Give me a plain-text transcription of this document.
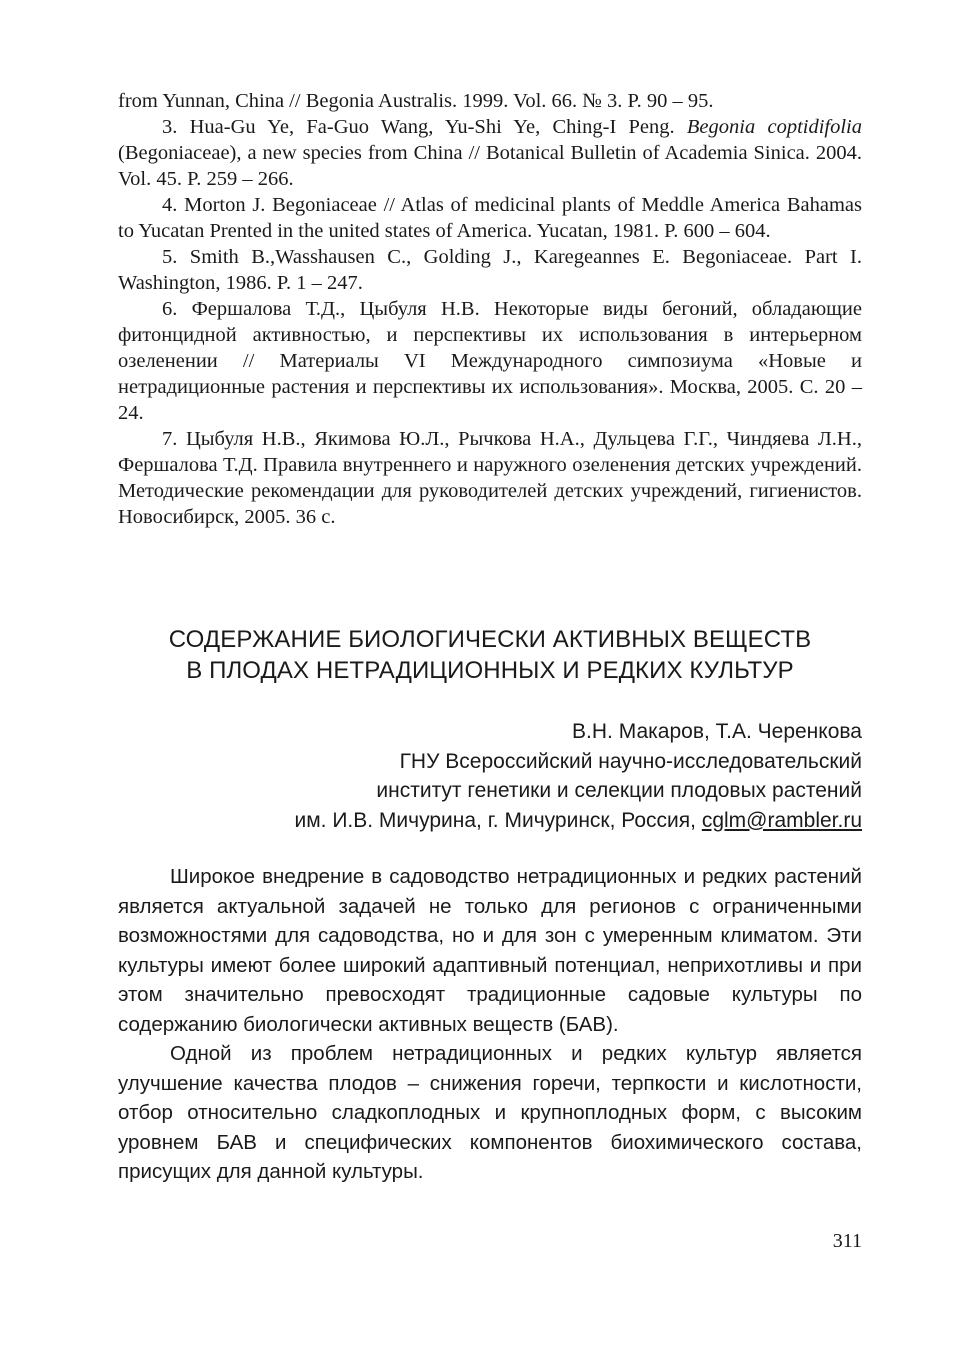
from Yunnan, China // Begonia Australis. 1999. Vol. 66. № 3. P. 90 – 95.

3. Hua-Gu Ye, Fa-Guo Wang, Yu-Shi Ye, Ching-I Peng. Begonia coptidifolia (Begoniaceae), a new species from China // Botanical Bulletin of Academia Sinica. 2004. Vol. 45. P. 259 – 266.

4. Morton J. Begoniaceae // Atlas of medicinal plants of Meddle America Bahamas to Yucatan Prented in the united states of America. Yucatan, 1981. P. 600 – 604.

5. Smith B.,Wasshausen C., Golding J., Karegeannes E. Begoniaceae. Part I. Washington, 1986. P. 1 – 247.

6. Фершалова Т.Д., Цыбуля Н.В. Некоторые виды бегоний, обладающие фитонцидной активностью, и перспективы их использования в интерьерном озеленении // Материалы VI Международного симпозиума «Новые и нетрадиционные растения и перспективы их использования». Москва, 2005. С. 20 – 24.

7. Цыбуля Н.В., Якимова Ю.Л., Рычкова Н.А., Дульцева Г.Г., Чиндяева Л.Н., Фершалова Т.Д. Правила внутреннего и наружного озеленения детских учреждений. Методические рекомендации для руководителей детских учреждений, гигиенистов. Новосибирск, 2005. 36 с.

СОДЕРЖАНИЕ БИОЛОГИЧЕСКИ АКТИВНЫХ ВЕЩЕСТВ
В ПЛОДАХ НЕТРАДИЦИОННЫХ И РЕДКИХ КУЛЬТУР
В.Н. Макаров, Т.А. Черенкова
ГНУ Всероссийский научно-исследовательский
институт генетики и селекции плодовых растений
им. И.В. Мичурина, г. Мичуринск, Россия, cglm@rambler.ru

Широкое внедрение в садоводство нетрадиционных и редких растений является актуальной задачей не только для регионов с ограниченными возможностями для садоводства, но и для зон с умеренным климатом. Эти культуры имеют более широкий адаптивный потенциал, неприхотливы и при этом значительно превосходят традиционные садовые культуры по содержанию биологически активных веществ (БАВ).

Одной из проблем нетрадиционных и редких культур является улучшение качества плодов – снижения горечи, терпкости и кислотности, отбор относительно сладкоплодных и крупноплодных форм, с высоким уровнем БАВ и специфических компонентов биохимического состава, присущих для данной культуры.

311
